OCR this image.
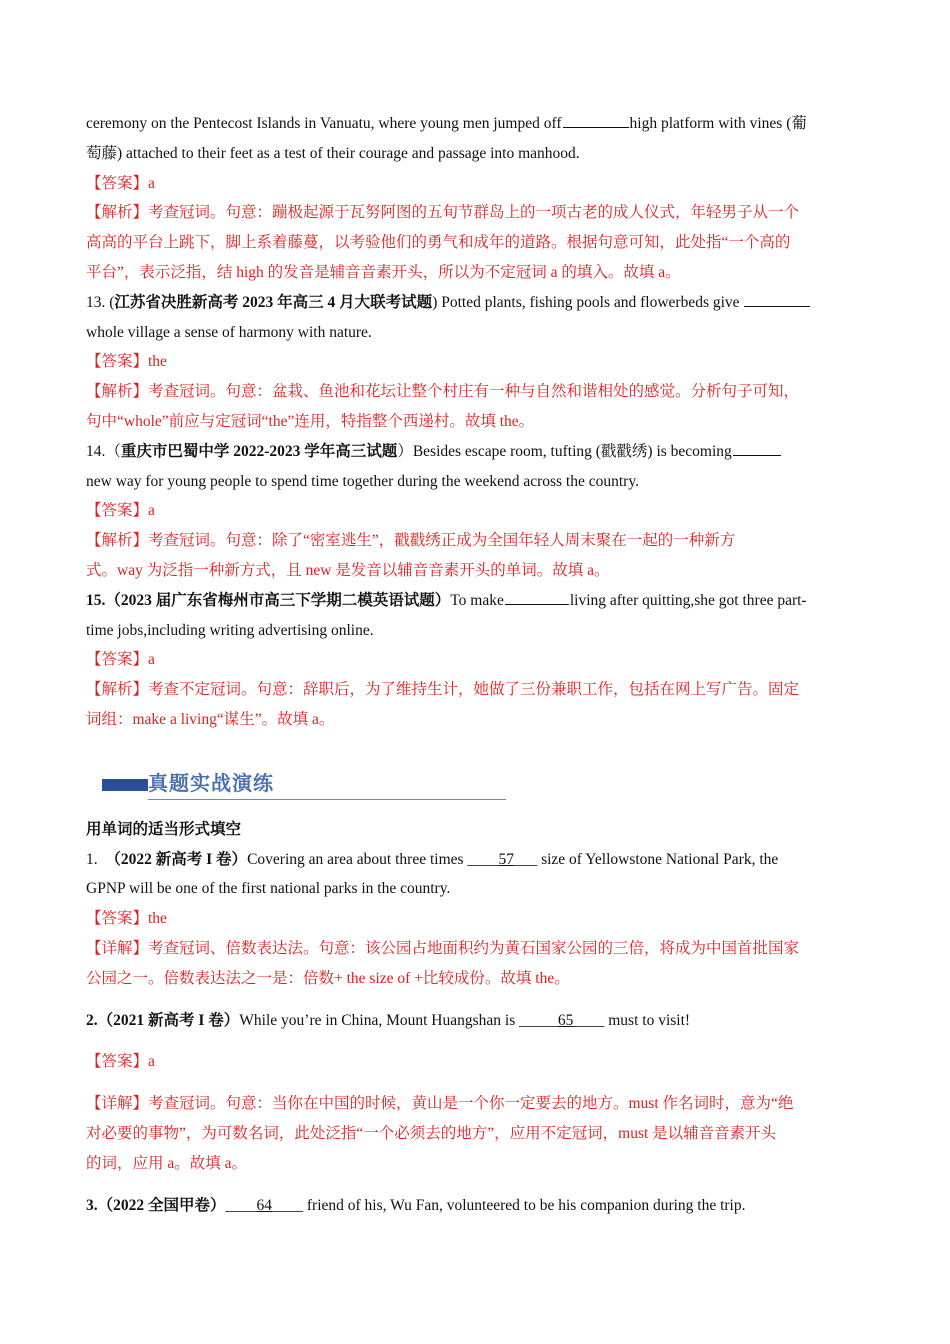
ceremony on the Pentecost Islands in Vanuatu, where young men jumped off	high platform with vines (葡
萄藤) attached to their feet as a test of their courage and passage into manhood.
【答案】a
【解析】考查冠词。句意：蹦极起源于瓦努阿图的五旬节群岛上的一项古老的成人仪式，年轻男子从一个
高高的平台上跳下，脚上系着藤蔓，以考验他们的勇气和成年的道路。根据句意可知，此处指“一个高的
平台”，表示泛指，结 high 的发音是辅音音素开头，所以为不定冠词 a 的填入。故填 a。
13. (江苏省决胜新高考 2023 年高三 4 月大联考试题) Potted plants, fishing pools and flowerbeds give
whole village a sense of harmony with nature.
【答案】the
【解析】考查冠词。句意：盆栽、鱼池和花坛让整个村庄有一种与自然和谐相处的感觉。分析句子可知，
句中“whole”前应与定冠词“the”连用，特指整个西递村。故填 the。
14.（重庆市巴蜀中学 2022-2023 学年高三试题）Besides escape room, tufting (戳戳绣) is becoming
new way for young people to spend time together during the weekend across the country.
【答案】a
【解析】考查冠词。句意：除了“密室逃生”，戳戳绣正成为全国年轻人周末聚在一起的一种新方
式。way 为泛指一种新方式，且 new 是发音以辅音音素开头的单词。故填 a。
15.（2023 届广东省梅州市高三下学期二模英语试题）To make	living after quitting,she got three part-
time jobs,including writing advertising online.
【答案】a
【解析】考查不定冠词。句意：辞职后，为了维持生计，她做了三份兼职工作，包括在网上写广告。固定
词组：make a living“谋生”。故填 a。
真题实战演练
用单词的适当形式填空
1.　（2022 新高考 I 卷）Covering an area about three times ____57___ size of Yellowstone National Park, the
GPNP will be one of the first national parks in the country.
【答案】the
【详解】考查冠词、倍数表达法。句意：该公园占地面积约为黄石国家公园的三倍，将成为中国首批国家
公园之一。倍数表达法之一是：倍数+ the size of +比较成份。故填 the。
2.（2021 新高考 I 卷）While you’re in China, Mount Huangshan is _____65____ must to visit!
【答案】a
【详解】考查冠词。句意：当你在中国的时候，黄山是一个你一定要去的地方。must 作名词时，意为“绝
对必要的事物”，为可数名词，此处泛指“一个必须去的地方”，应用不定冠词，must 是以辅音音素开头
的词，应用 a。故填 a。
3.（2022 全国甲卷）____64____ friend of his, Wu Fan, volunteered to be his companion during the trip.
